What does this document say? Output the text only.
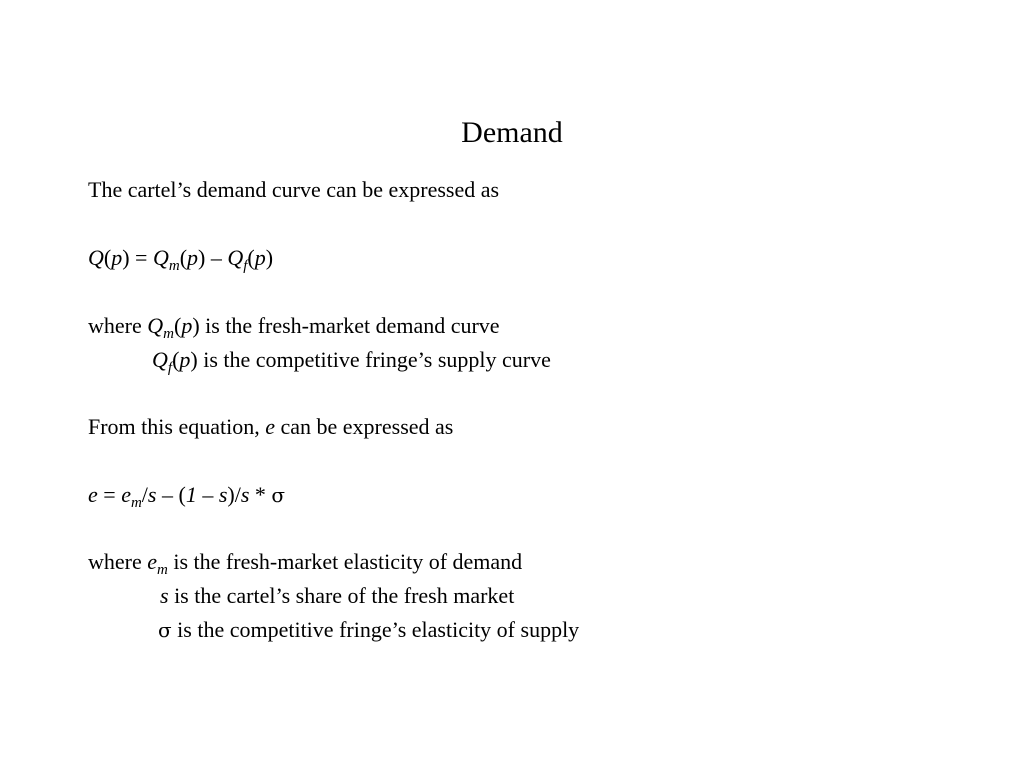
Demand
The cartel’s demand curve can be expressed as
$Q(p) = Q_m(p) - Q_f(p)$
where $Q_m(p)$ is the fresh-market demand curve
$Q_f(p)$ is the competitive fringe’s supply curve
From this equation, e can be expressed as
$e = e_m/s - (1 - s)/s * \sigma$
where $e_m$ is the fresh-market elasticity of demand
s is the cartel’s share of the fresh market
σ is the competitive fringe’s elasticity of supply
